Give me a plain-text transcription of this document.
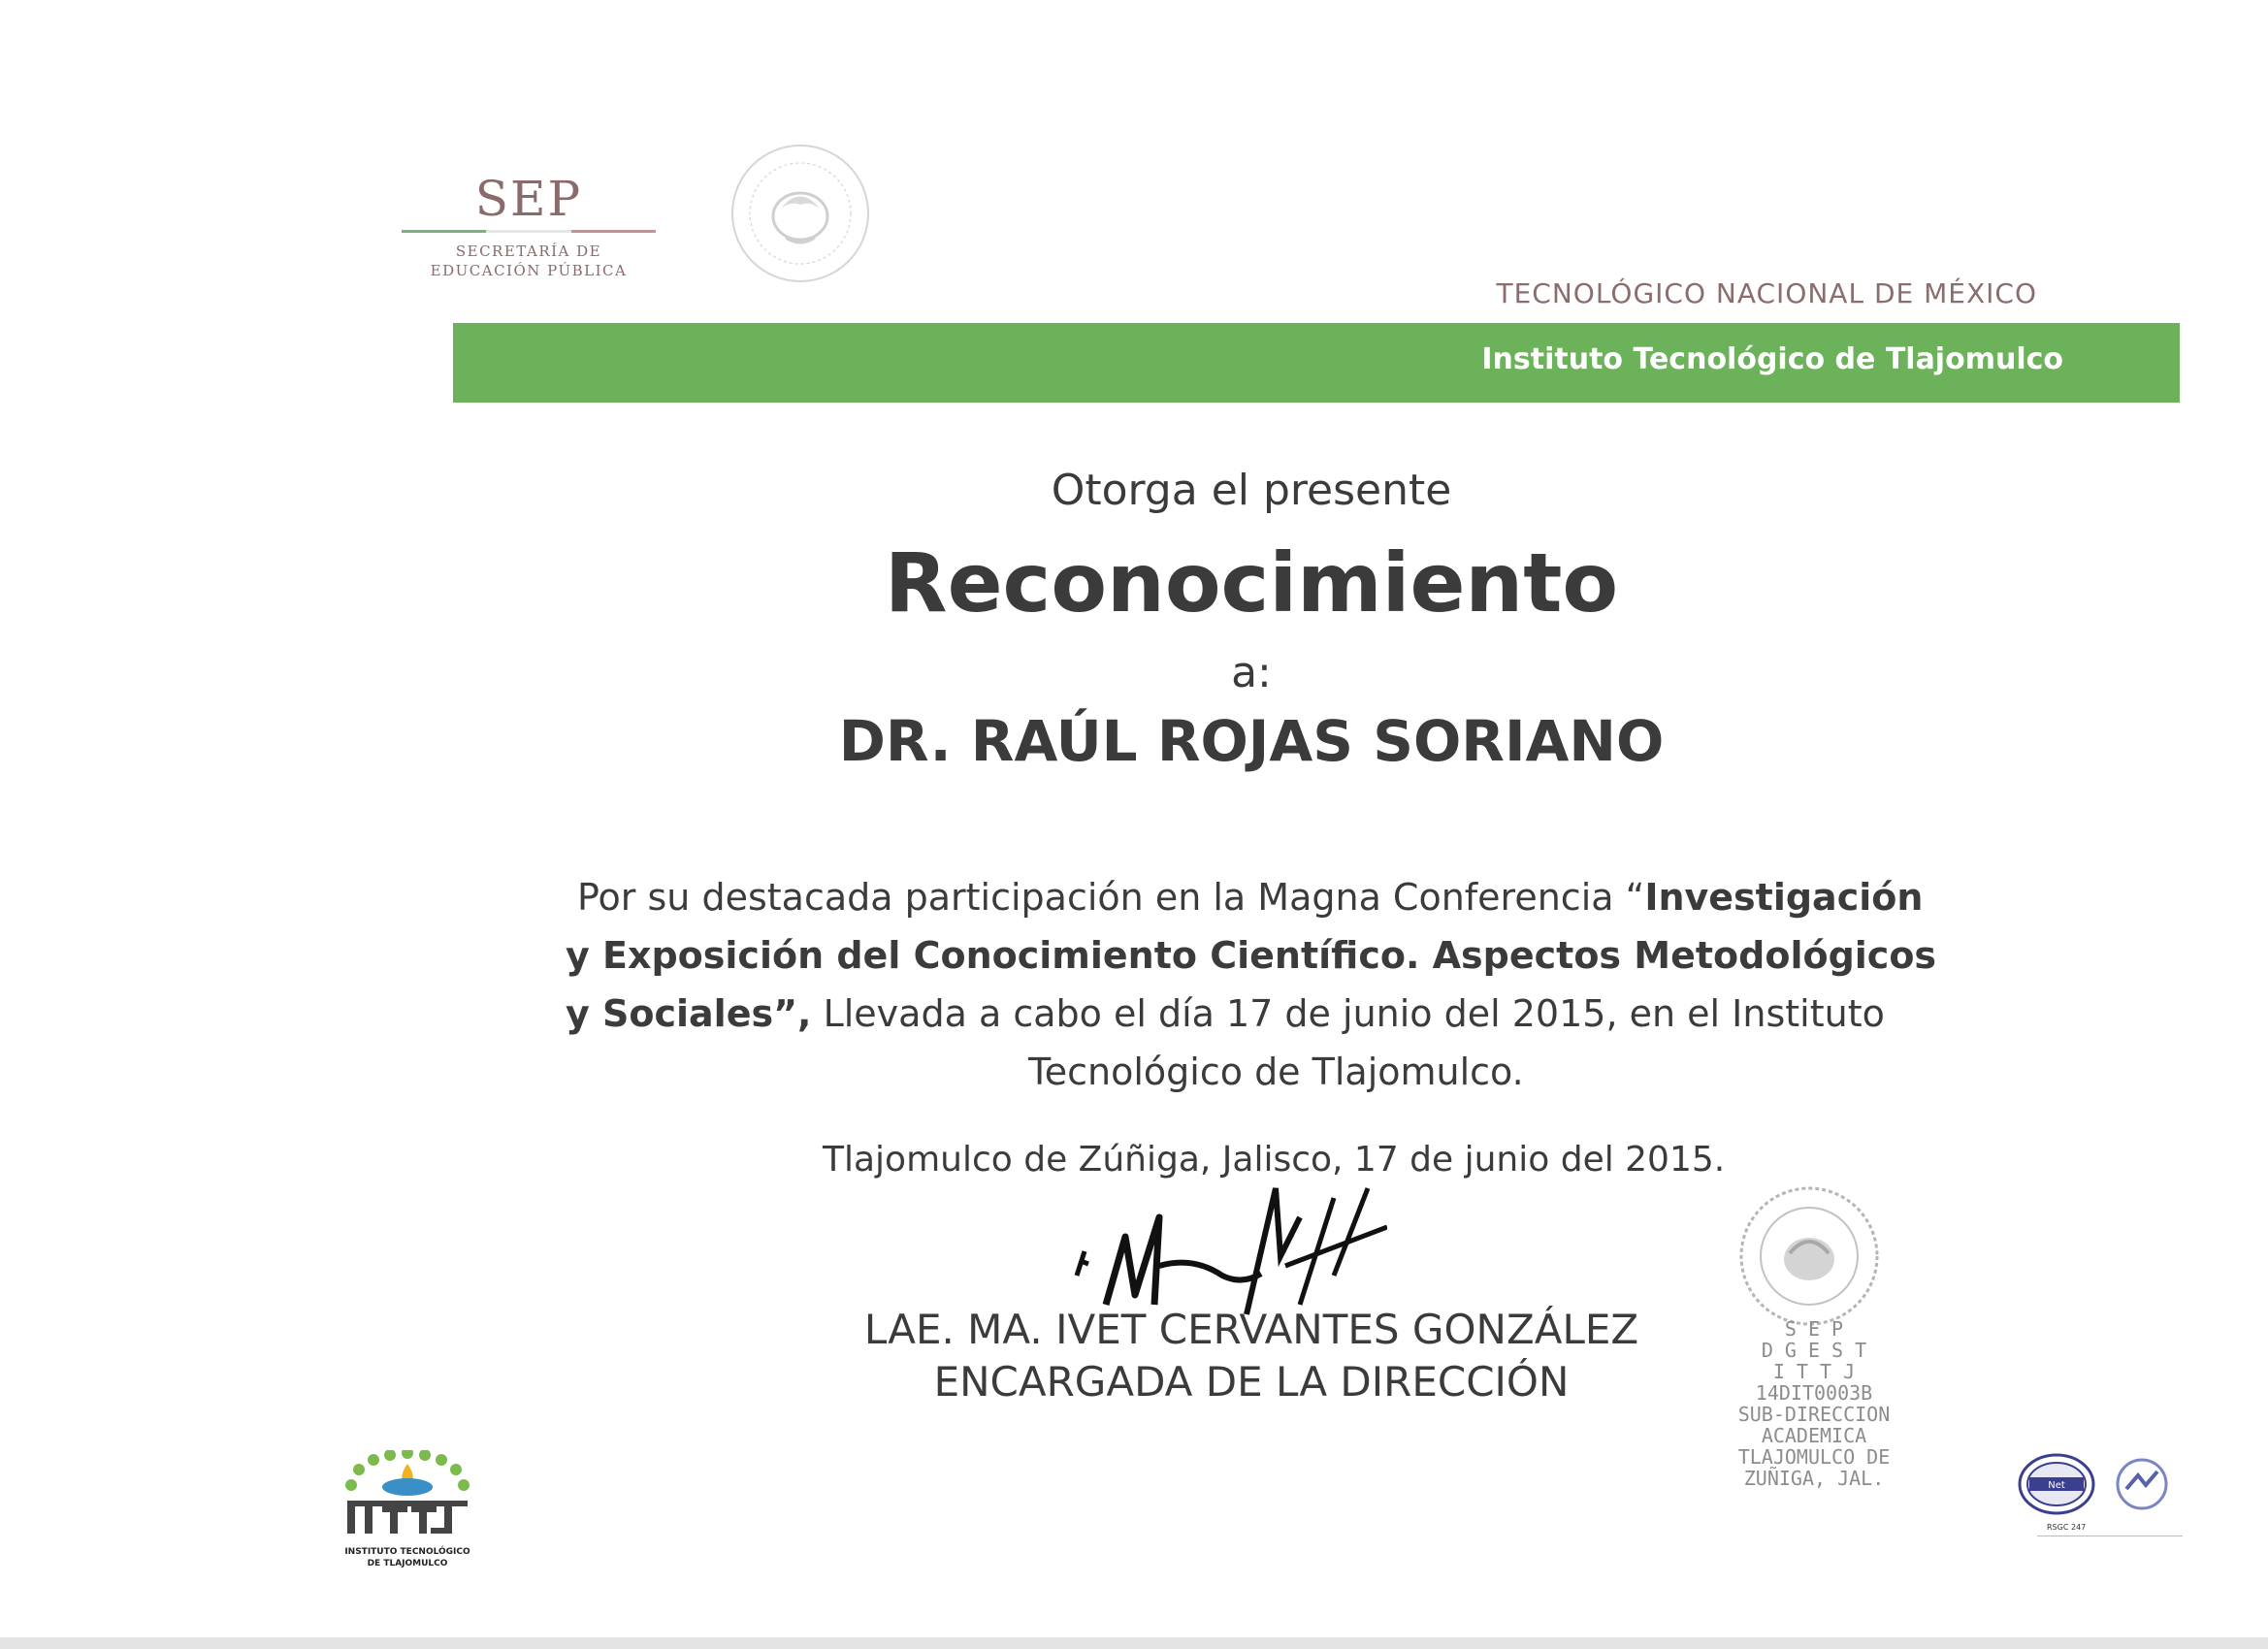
SEP
SECRETARÍA DE
EDUCACIÓN PÚBLICA
TECNOLÓGICO NACIONAL DE MÉXICO
Instituto Tecnológico de Tlajomulco
Otorga el presente
Reconocimiento
a:
DR. RAÚL ROJAS SORIANO
Por su destacada participación en la Magna Conferencia “Investigación
y Exposición del Conocimiento Científico. Aspectos Metodológicos
y Sociales”, Llevada a cabo el día 17 de junio del 2015, en el Instituto
Tecnológico de Tlajomulco.
Tlajomulco de Zúñiga, Jalisco, 17 de junio del 2015.
LAE. MA. IVET CERVANTES GONZÁLEZ
ENCARGADA DE LA DIRECCIÓN
S E P
D G E S T
I T T J
14DIT0003B
SUB-DIRECCION
ACADEMICA
TLAJOMULCO DE
ZUÑIGA, JAL.
INSTITUTO TECNOLÓGICO
DE TLAJOMULCO
Net
RSGC 247
